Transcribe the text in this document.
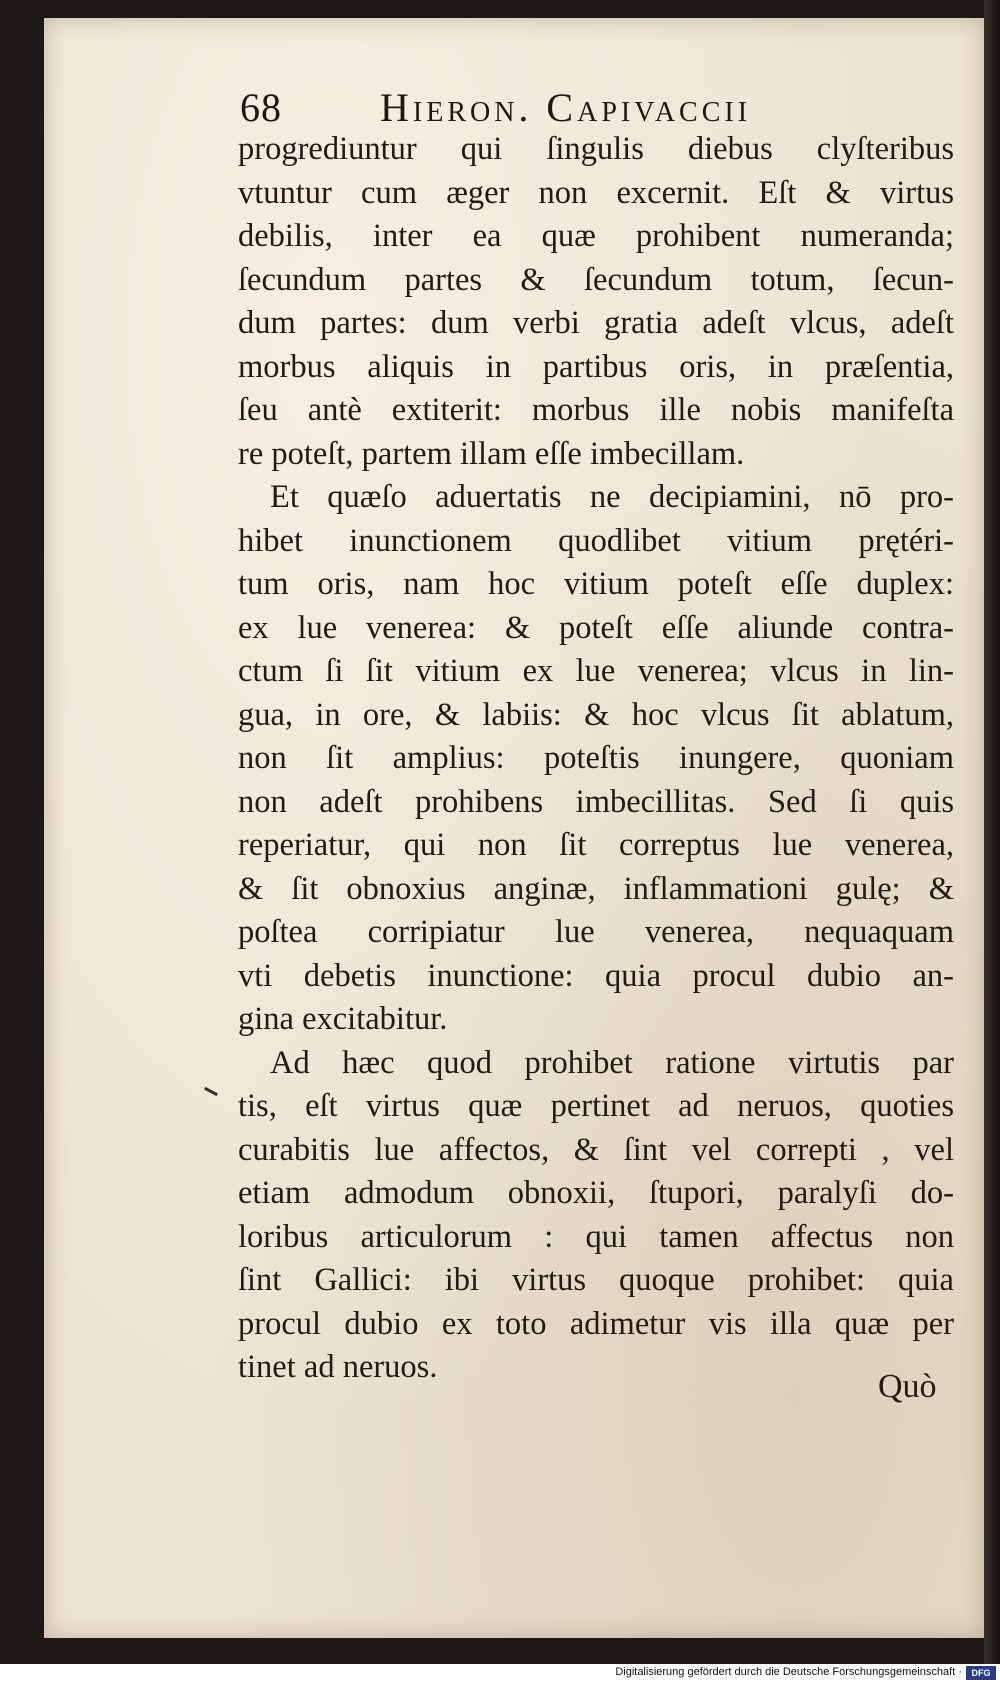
68 Hieron. Capivaccii
progrediuntur qui ſingulis diebus clyſteribus
vtuntur cum æger non excernit. Eſt & virtus
debilis, inter ea quæ prohibent numeranda;
ſecundum partes & ſecundum totum, ſecun-
dum partes: dum verbi gratia adeſt vlcus, adeſt
morbus aliquis in partibus oris, in præſentia,
ſeu antè extiterit: morbus ille nobis manifeſta
re poteſt, partem illam eſſe imbecillam.
Et quæſo aduertatis ne decipiamini, nō pro-
hibet inunctionem quodlibet vitium prętéri-
tum oris, nam hoc vitium poteſt eſſe duplex:
ex lue venerea: & poteſt eſſe aliunde contra-
ctum ſi ſit vitium ex lue venerea; vlcus in lin-
gua, in ore, & labiis: & hoc vlcus ſit ablatum,
non ſit amplius: poteſtis inungere, quoniam
non adeſt prohibens imbecillitas. Sed ſi quis
reperiatur, qui non ſit correptus lue venerea,
& ſit obnoxius anginæ, inflammationi gulę; &
poſtea corripiatur lue venerea, nequaquam
vti debetis inunctione: quia procul dubio an-
gina excitabitur.
Ad hæc quod prohibet ratione virtutis par
tis, eſt virtus quæ pertinet ad neruos, quoties
curabitis lue affectos, & ſint vel correpti , vel
etiam admodum obnoxii, ſtupori, paralyſi do-
loribus articulorum : qui tamen affectus non
ſint Gallici: ibi virtus quoque prohibet: quia
procul dubio ex toto adimetur vis illa quæ per
tinet ad neruos.
Quò
Digitalisierung gefördert durch die Deutsche Forschungsgemeinschaft ·	DFG
